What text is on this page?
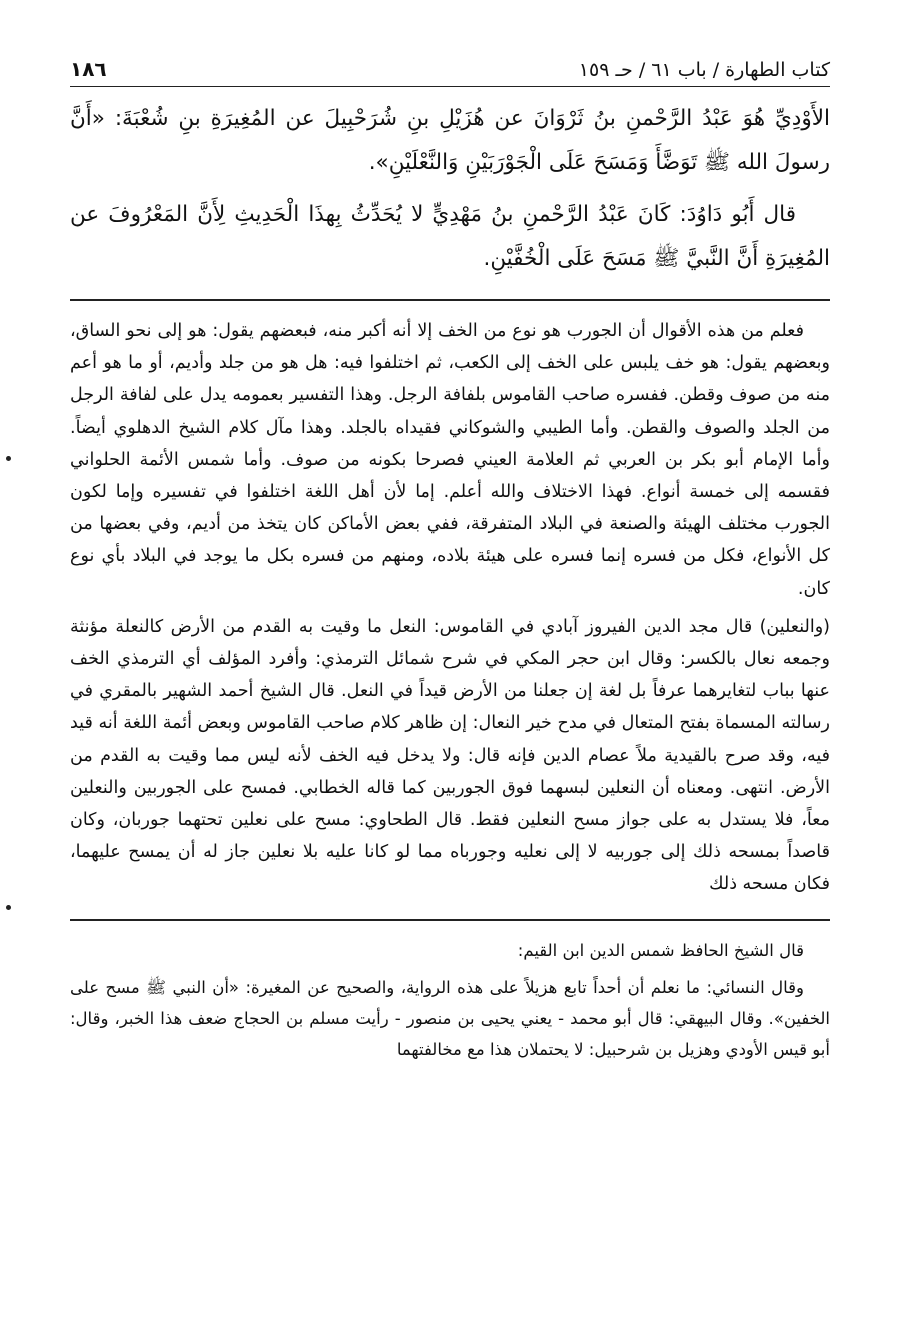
كتاب الطهارة / باب ٦١ / حـ ١٥٩
١٨٦

الأَوْدِيِّ هُوَ عَبْدُ الرَّحْمنِ بنُ ثَرْوَانَ عن هُزَيْلِ بنِ شُرَحْبِيلَ عن المُغِيرَةِ بنِ شُعْبَةَ: «أَنَّ رسولَ الله ﷺ تَوَضَّأَ وَمَسَحَ عَلَى الْجَوْرَبَيْنِ وَالنَّعْلَيْنِ».

قال أَبُو دَاوُدَ: كَانَ عَبْدُ الرَّحْمنِ بنُ مَهْدِيٍّ لا يُحَدِّثُ بِهذَا الْحَدِيثِ لِأَنَّ المَعْرُوفَ عن المُغِيرَةِ أَنَّ النَّبيَّ ﷺ مَسَحَ عَلَى الْخُفَّيْنِ.

فعلم من هذه الأقوال أن الجورب هو نوع من الخف إلا أنه أكبر منه، فبعضهم يقول: هو إلى نحو الساق، وبعضهم يقول: هو خف يلبس على الخف إلى الكعب، ثم اختلفوا فيه: هل هو من جلد وأديم، أو ما هو أعم منه من صوف وقطن. ففسره صاحب القاموس بلفافة الرجل. وهذا التفسير بعمومه يدل على لفافة الرجل من الجلد والصوف والقطن. وأما الطيبي والشوكاني فقيداه بالجلد. وهذا مآل كلام الشيخ الدهلوي أيضاً. وأما الإمام أبو بكر بن العربي ثم العلامة العيني فصرحا بكونه من صوف. وأما شمس الأئمة الحلواني فقسمه إلى خمسة أنواع. فهذا الاختلاف والله أعلم. إما لأن أهل اللغة اختلفوا في تفسيره وإما لكون الجورب مختلف الهيئة والصنعة في البلاد المتفرقة، ففي بعض الأماكن كان يتخذ من أديم، وفي بعضها من كل الأنواع، فكل من فسره إنما فسره على هيئة بلاده، ومنهم من فسره بكل ما يوجد في البلاد بأي نوع كان.

(والنعلين) قال مجد الدين الفيروز آبادي في القاموس: النعل ما وقيت به القدم من الأرض كالنعلة مؤنثة وجمعه نعال بالكسر: وقال ابن حجر المكي في شرح شمائل الترمذي: وأفرد المؤلف أي الترمذي الخف عنها بباب لتغايرهما عرفاً بل لغة إن جعلنا من الأرض قيداً في النعل. قال الشيخ أحمد الشهير بالمقري في رسالته المسماة بفتح المتعال في مدح خير النعال: إن ظاهر كلام صاحب القاموس وبعض أئمة اللغة أنه قيد فيه، وقد صرح بالقيدية ملاً عصام الدين فإنه قال: ولا يدخل فيه الخف لأنه ليس مما وقيت به القدم من الأرض. انتهى. ومعناه أن النعلين لبسهما فوق الجوربين كما قاله الخطابي. فمسح على الجوربين والنعلين معاً، فلا يستدل به على جواز مسح النعلين فقط. قال الطحاوي: مسح على نعلين تحتهما جوربان، وكان قاصداً بمسحه ذلك إلى جوربيه لا إلى نعليه وجورباه مما لو كانا عليه بلا نعلين جاز له أن يمسح عليهما، فكان مسحه ذلك

قال الشيخ الحافظ شمس الدين ابن القيم:

وقال النسائي: ما نعلم أن أحداً تابع هزيلاً على هذه الرواية، والصحيح عن المغيرة: «أن النبي ﷺ مسح على الخفين». وقال البيهقي: قال أبو محمد - يعني يحيى بن منصور - رأيت مسلم بن الحجاج ضعف هذا الخبر، وقال: أبو قيس الأودي وهزيل بن شرحبيل: لا يحتملان هذا مع مخالفتهما
